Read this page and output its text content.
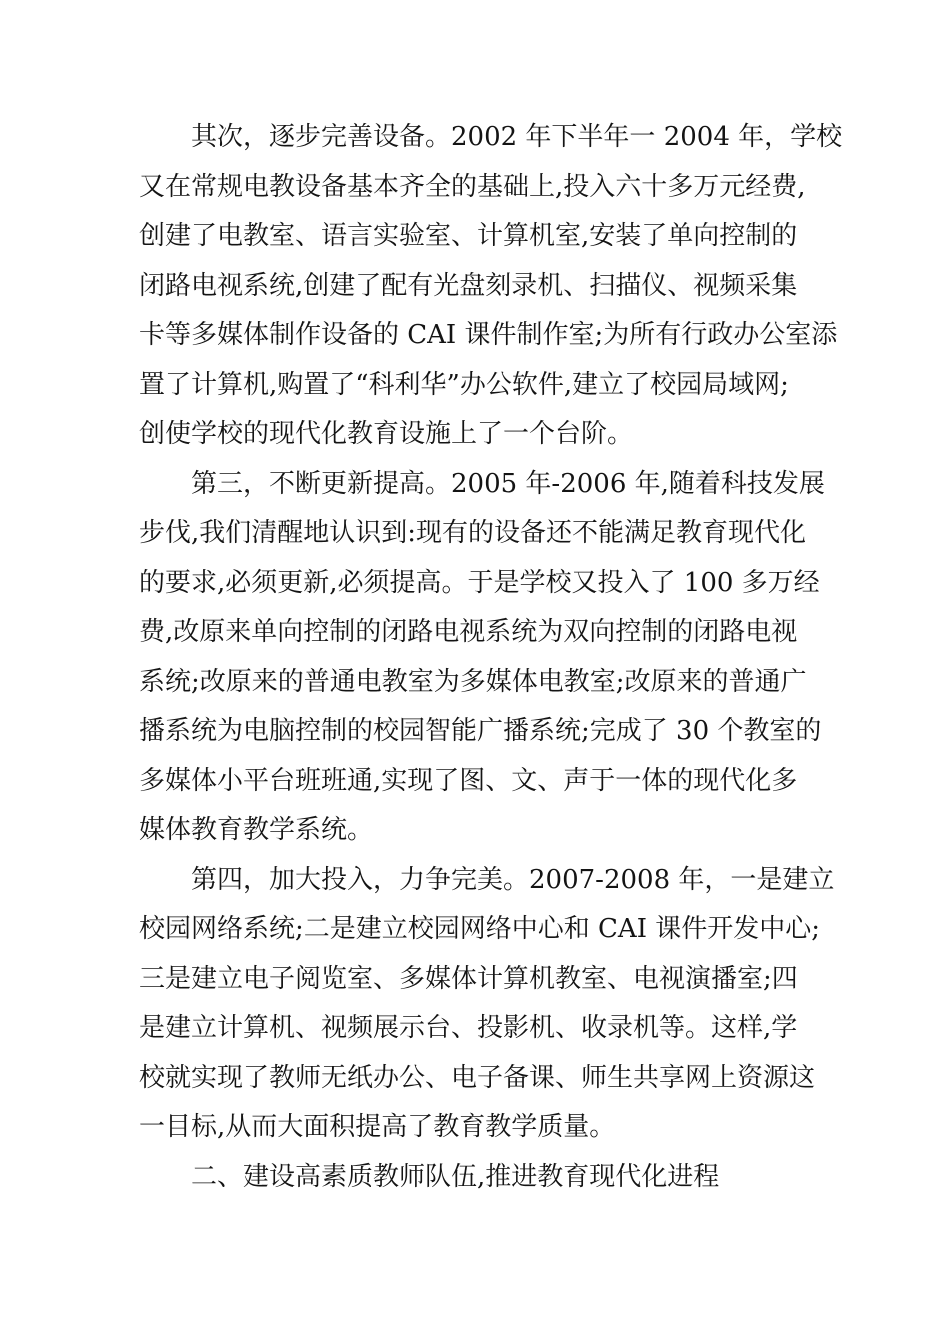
其次，逐步完善设备。2002 年下半年一 2004 年，学校
又在常规电教设备基本齐全的基础上,投入六十多万元经费,
创建了电教室、语言实验室、计算机室,安装了单向控制的
闭路电视系统,创建了配有光盘刻录机、扫描仪、视频采集
卡等多媒体制作设备的 CAI 课件制作室;为所有行政办公室添
置了计算机,购置了“科利华”办公软件,建立了校园局域网;
创使学校的现代化教育设施上了一个台阶。
第三，不断更新提高。2005 年-2006 年,随着科技发展
步伐,我们清醒地认识到:现有的设备还不能满足教育现代化
的要求,必须更新,必须提高。于是学校又投入了 100 多万经
费,改原来单向控制的闭路电视系统为双向控制的闭路电视
系统;改原来的普通电教室为多媒体电教室;改原来的普通广
播系统为电脑控制的校园智能广播系统;完成了 30 个教室的
多媒体小平台班班通,实现了图、文、声于一体的现代化多
媒体教育教学系统。
第四，加大投入，力争完美。2007-2008 年，一是建立
校园网络系统;二是建立校园网络中心和 CAI 课件开发中心;
三是建立电子阅览室、多媒体计算机教室、电视演播室;四
是建立计算机、视频展示台、投影机、收录机等。这样,学
校就实现了教师无纸办公、电子备课、师生共享网上资源这
一目标,从而大面积提高了教育教学质量。
二、建设高素质教师队伍,推进教育现代化进程
